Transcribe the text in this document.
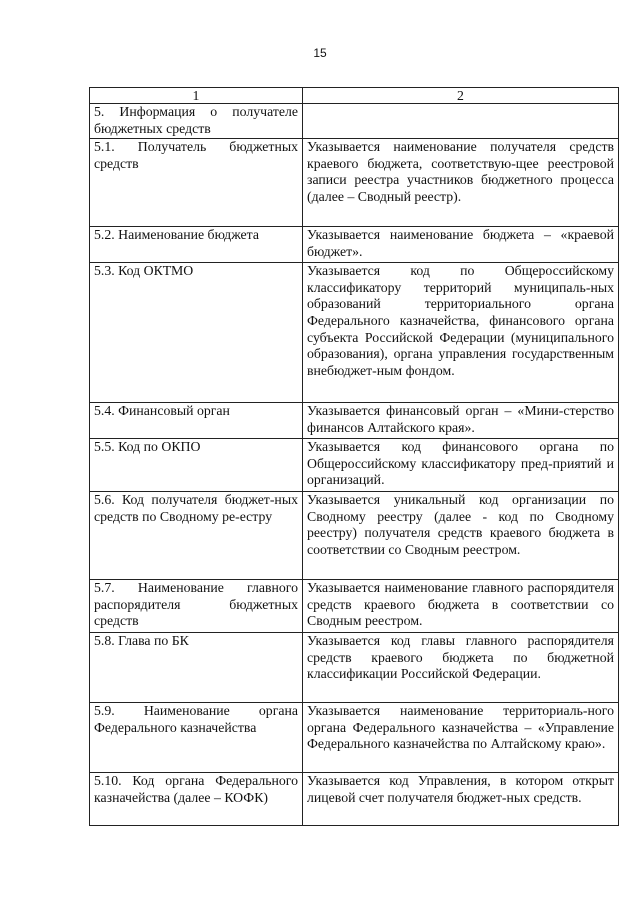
15
1	2
5. Информация о получателе бюджетных средств	
5.1. Получатель бюджетных средств	Указывается наименование получателя средств краевого бюджета, соответствую-щее реестровой записи реестра участников бюджетного процесса (далее – Сводный реестр).
5.2. Наименование бюджета	Указывается наименование бюджета – «краевой бюджет».
5.3. Код ОКТМО	Указывается код по Общероссийскому классификатору территорий муниципаль-ных образований территориального органа Федерального казначейства, финансового органа субъекта Российской Федерации (муниципального образования), органа управления государственным внебюджет-ным фондом.
5.4. Финансовый орган	Указывается финансовый орган – «Мини-стерство финансов Алтайского края».
5.5. Код по ОКПО	Указывается код финансового органа по Общероссийскому классификатору пред-приятий и организаций.
5.6. Код получателя бюджет-ных средств по Сводному ре-естру	Указывается уникальный код организации по Сводному реестру (далее - код по Сводному реестру) получателя средств краевого бюджета в соответствии со Сводным реестром.
5.7. Наименование главного распорядителя бюджетных средств	Указывается наименование главного распорядителя средств краевого бюджета в соответствии со Сводным реестром.
5.8. Глава по БК	Указывается код главы главного распорядителя средств краевого бюджета по бюджетной классификации Российской Федерации.
5.9. Наименование органа Федерального казначейства	Указывается наименование территориаль-ного органа Федерального казначейства – «Управление Федерального казначейства по Алтайскому краю».
5.10. Код органа Федерального казначейства (далее – КОФК)	Указывается код Управления, в котором открыт лицевой счет получателя бюджет-ных средств.
